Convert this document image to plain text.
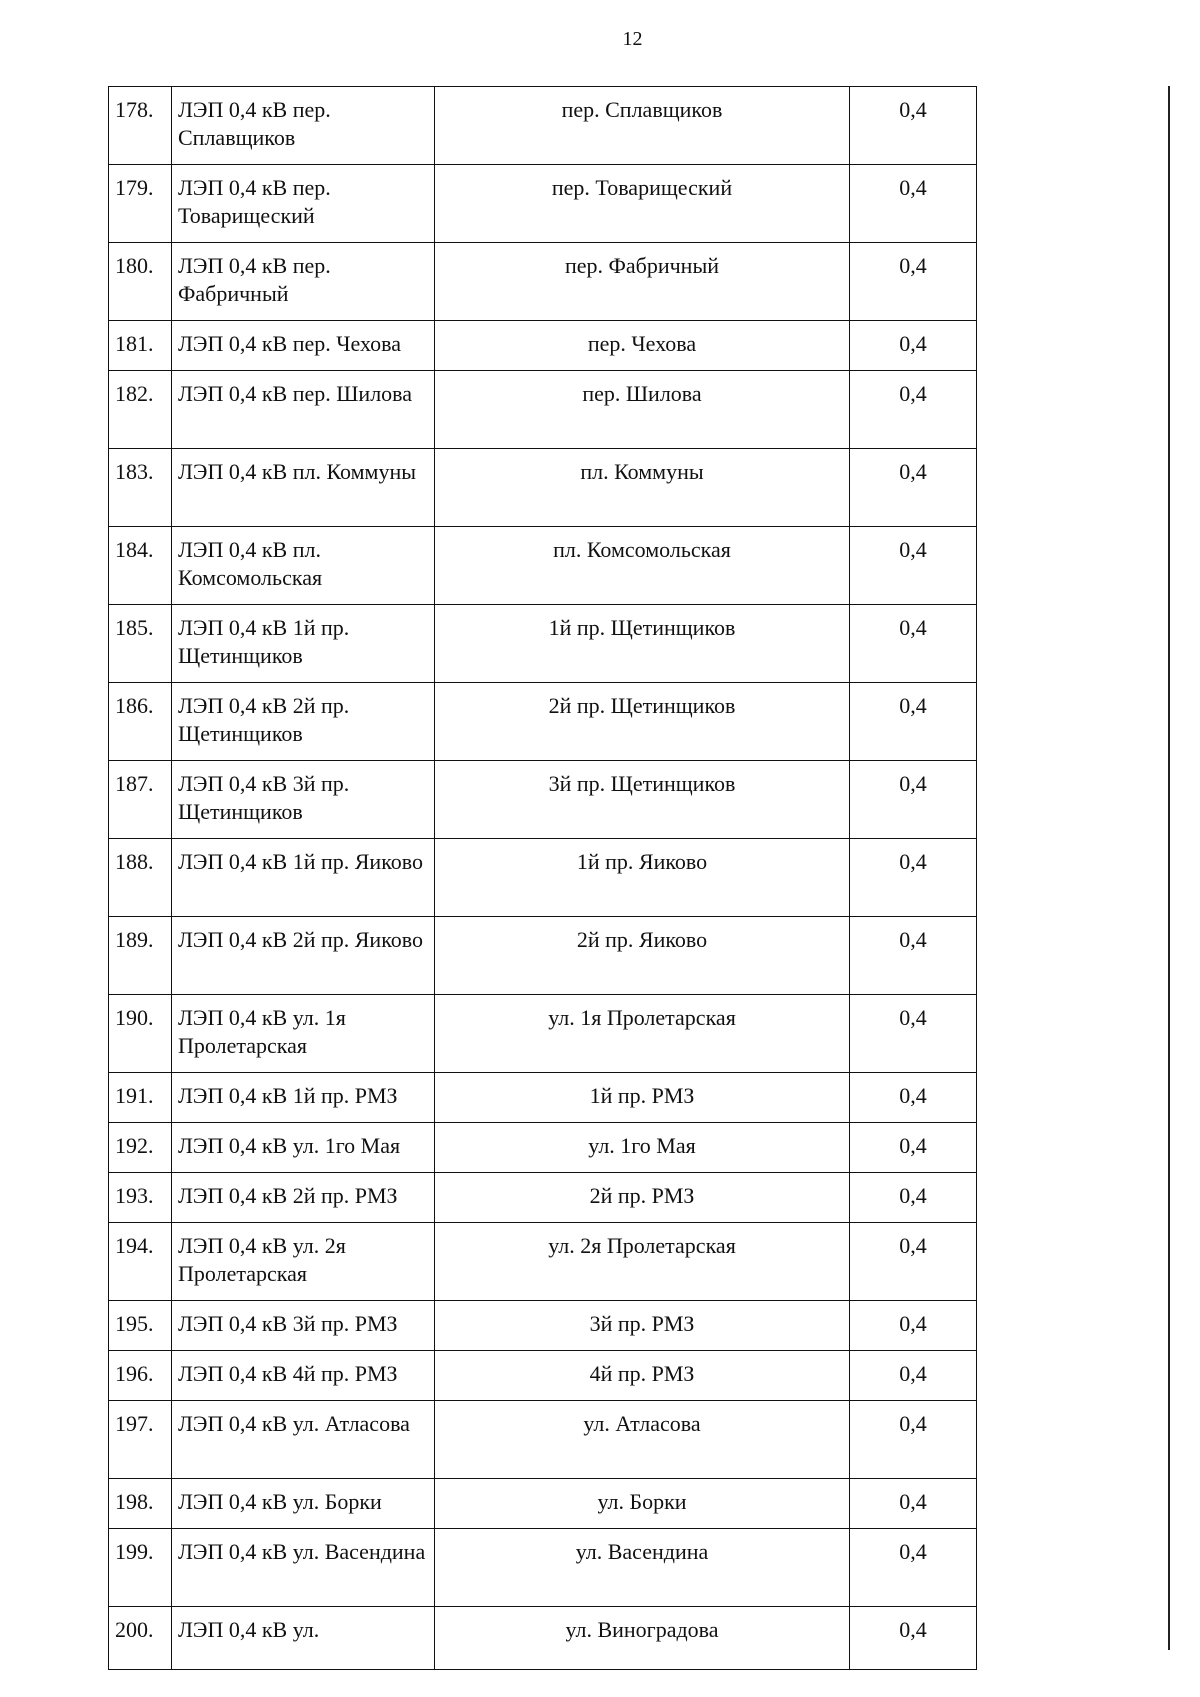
12
178.	ЛЭП 0,4 кВ пер. Сплавщиков	пер. Сплавщиков	0,4
179.	ЛЭП 0,4 кВ пер. Товарищеский	пер. Товарищеский	0,4
180.	ЛЭП 0,4 кВ пер. Фабричный	пер. Фабричный	0,4
181.	ЛЭП 0,4 кВ пер. Чехова	пер. Чехова	0,4
182.	ЛЭП 0,4 кВ пер. Шилова	пер. Шилова	0,4
183.	ЛЭП 0,4 кВ пл. Коммуны	пл. Коммуны	0,4
184.	ЛЭП 0,4 кВ пл. Комсомольская	пл. Комсомольская	0,4
185.	ЛЭП 0,4 кВ 1й пр. Щетинщиков	1й пр. Щетинщиков	0,4
186.	ЛЭП 0,4 кВ 2й пр. Щетинщиков	2й пр. Щетинщиков	0,4
187.	ЛЭП 0,4 кВ 3й пр. Щетинщиков	3й пр. Щетинщиков	0,4
188.	ЛЭП 0,4 кВ 1й пр. Яиково	1й пр. Яиково	0,4
189.	ЛЭП 0,4 кВ 2й пр. Яиково	2й пр. Яиково	0,4
190.	ЛЭП 0,4 кВ ул. 1я Пролетарская	ул. 1я Пролетарская	0,4
191.	ЛЭП 0,4 кВ 1й пр. РМЗ	1й пр. РМЗ	0,4
192.	ЛЭП 0,4 кВ ул. 1го Мая	ул. 1го Мая	0,4
193.	ЛЭП 0,4 кВ 2й пр. РМЗ	2й пр. РМЗ	0,4
194.	ЛЭП 0,4 кВ ул. 2я Пролетарская	ул. 2я Пролетарская	0,4
195.	ЛЭП 0,4 кВ 3й пр. РМЗ	3й пр. РМЗ	0,4
196.	ЛЭП 0,4 кВ 4й пр. РМЗ	4й пр. РМЗ	0,4
197.	ЛЭП 0,4 кВ ул. Атласова	ул. Атласова	0,4
198.	ЛЭП 0,4 кВ ул. Борки	ул. Борки	0,4
199.	ЛЭП 0,4 кВ ул. Васендина	ул. Васендина	0,4
200.	ЛЭП 0,4 кВ ул.	ул. Виноградова	0,4
